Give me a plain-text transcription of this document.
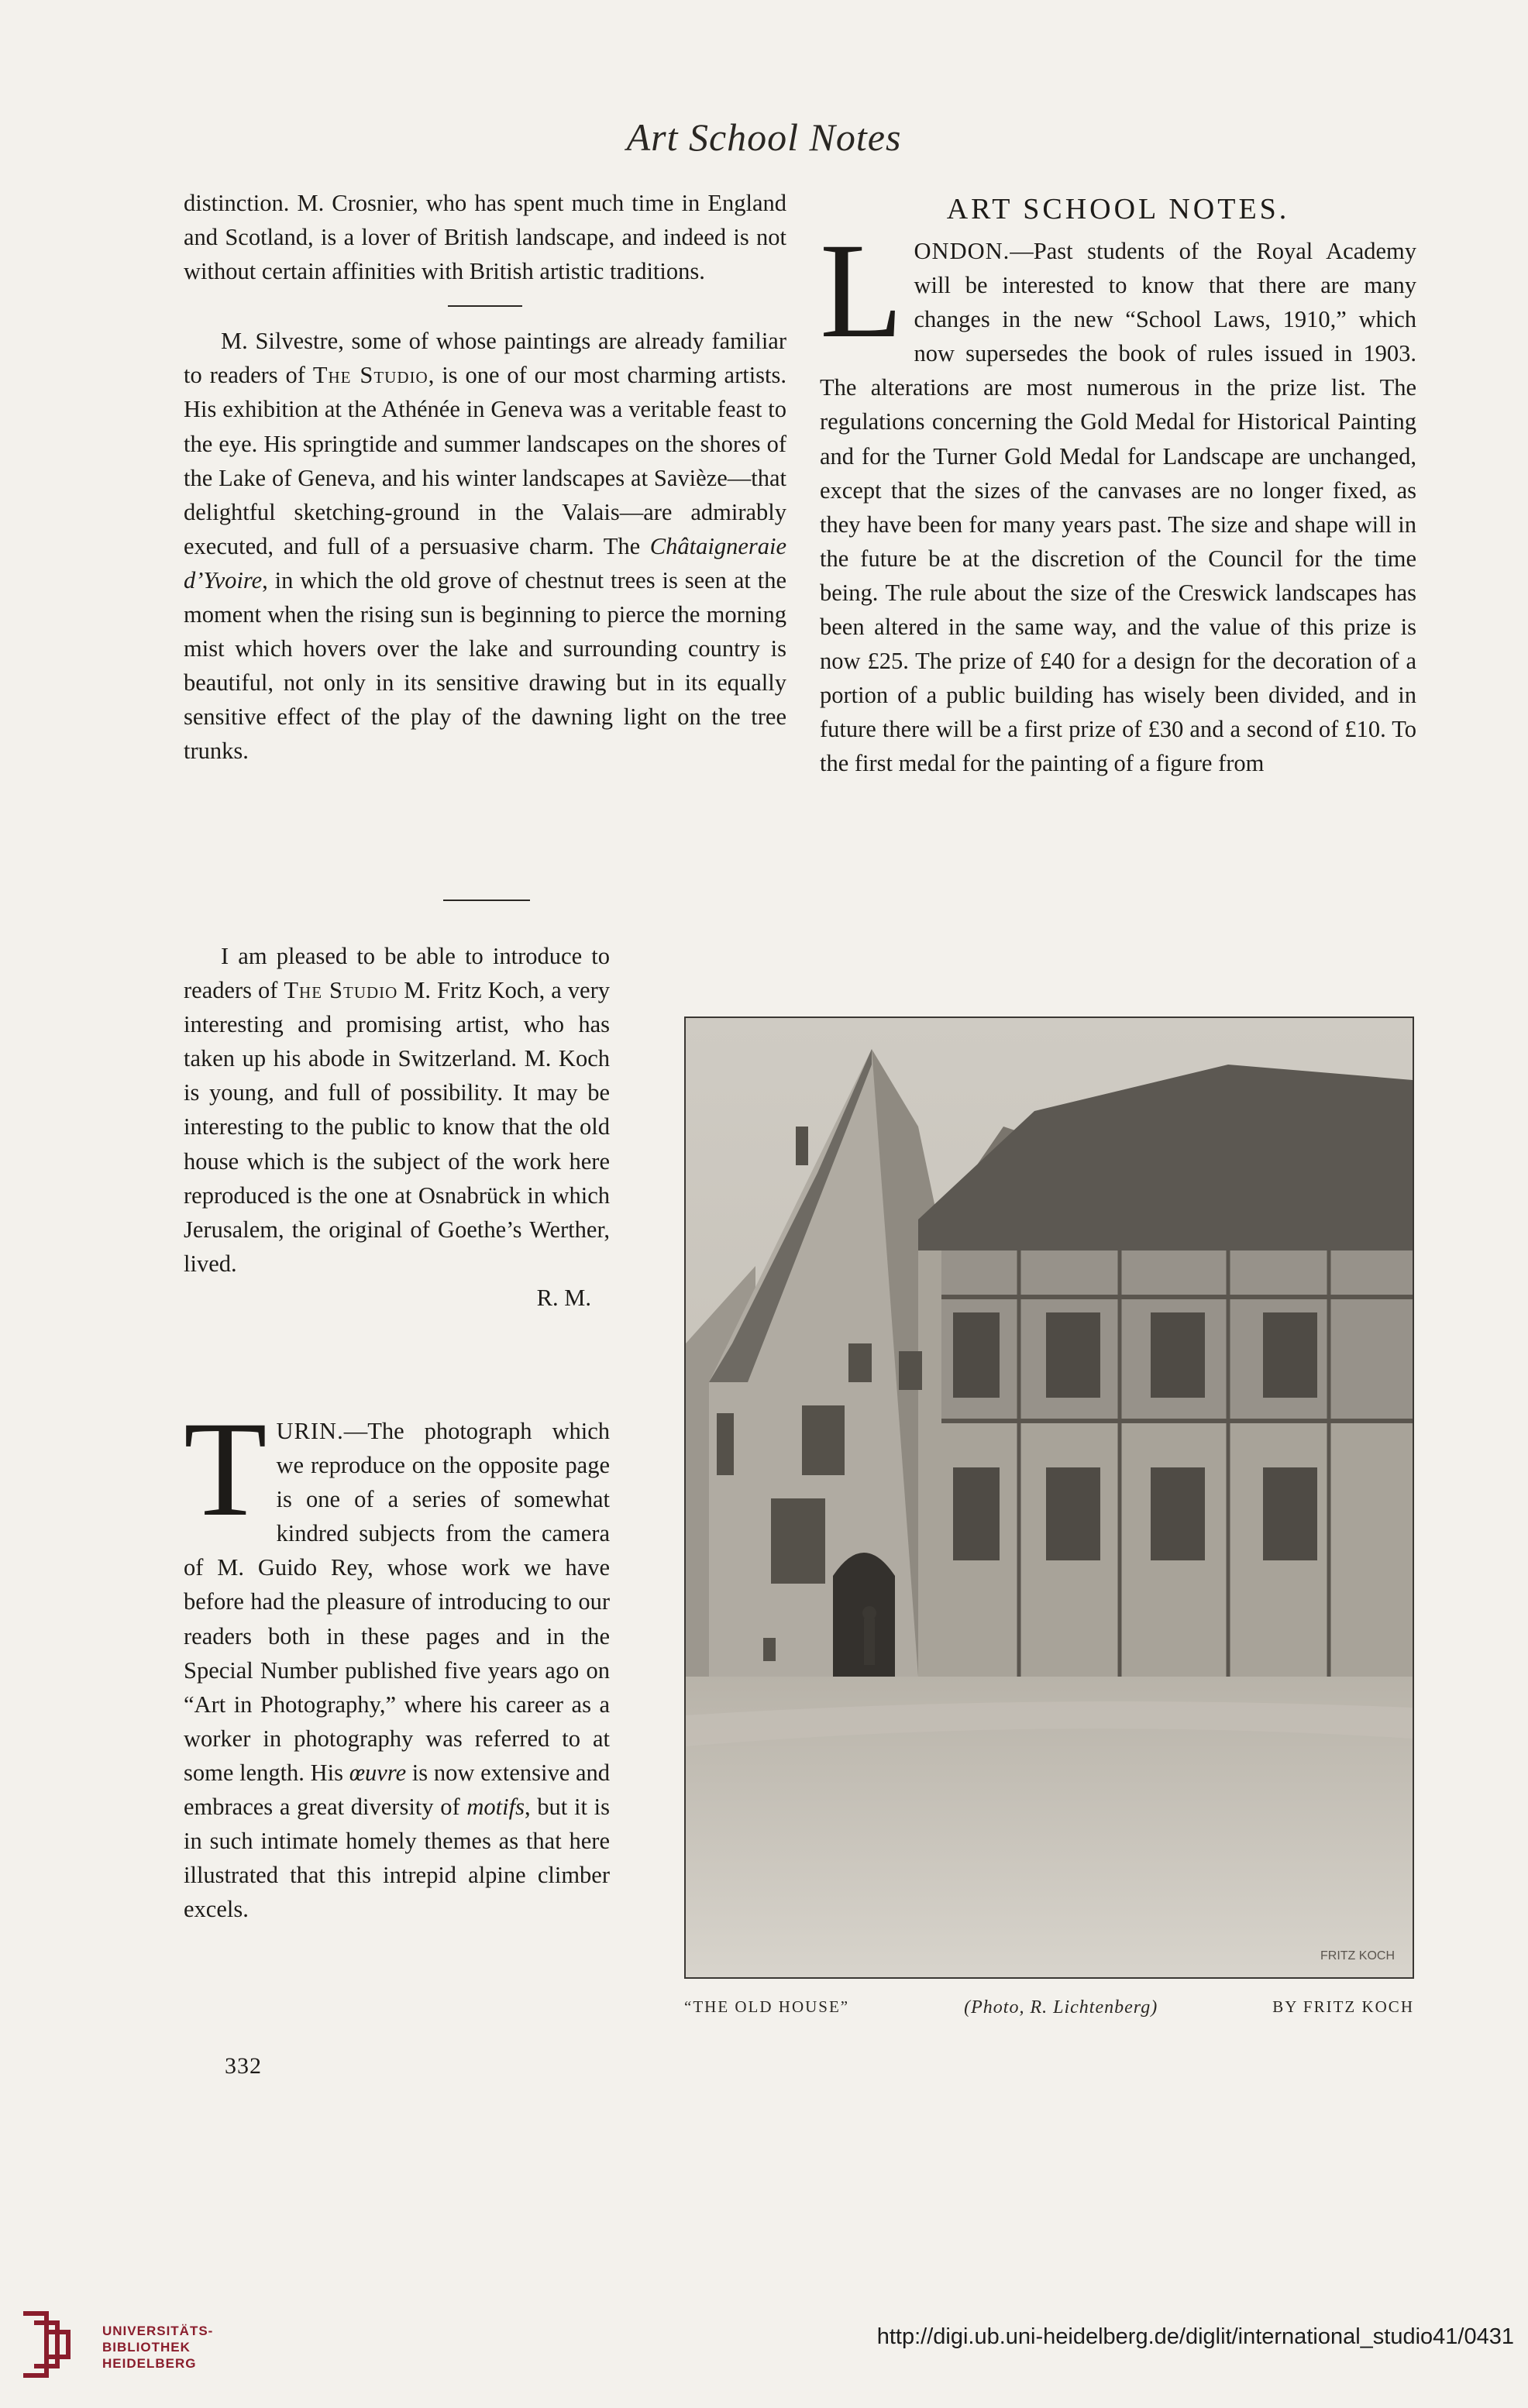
Art School Notes

distinction. M. Crosnier, who has spent much time in England and Scotland, is a lover of British landscape, and indeed is not without certain affinities with British artistic traditions.

M. Silvestre, some of whose paintings are already familiar to readers of The Studio, is one of our most charming artists. His exhibition at the Athénée in Geneva was a veritable feast to the eye. His springtide and summer landscapes on the shores of the Lake of Geneva, and his winter landscapes at Savièze—that delightful sketching-ground in the Valais—are admirably executed, and full of a persuasive charm. The Châtaigneraie d’Yvoire, in which the old grove of chestnut trees is seen at the moment when the rising sun is beginning to pierce the morning mist which hovers over the lake and surrounding country is beautiful, not only in its sensitive drawing but in its equally sensitive effect of the play of the dawning light on the tree trunks.

I am pleased to be able to introduce to readers of The Studio M. Fritz Koch, a very interesting and promising artist, who has taken up his abode in Switzerland. M. Koch is young, and full of possibility. It may be interesting to the public to know that the old house which is the subject of the work here reproduced is the one at Osnabrück in which Jerusalem, the original of Goethe’s Werther, lived.

R. M.

TURIN.—The photograph which we reproduce on the opposite page is one of a series of somewhat kindred subjects from the camera of M. Guido Rey, whose work we have before had the pleasure of introducing to our readers both in these pages and in the Special Number published five years ago on “Art in Photography,” where his career as a worker in photography was referred to at some length. His œuvre is now extensive and embraces a great diversity of motifs, but it is in such intimate homely themes as that here illustrated that this intrepid alpine climber excels.

ART SCHOOL NOTES.

LONDON.—Past students of the Royal Academy will be interested to know that there are many changes in the new “School Laws, 1910,” which now supersedes the book of rules issued in 1903. The alterations are most numerous in the prize list. The regulations concerning the Gold Medal for Historical Painting and for the Turner Gold Medal for Landscape are unchanged, except that the sizes of the canvases are no longer fixed, as they have been for many years past. The size and shape will in the future be at the discretion of the Council for the time being. The rule about the size of the Creswick landscapes has been altered in the same way, and the value of this prize is now £25. The prize of £40 for a design for the decoration of a portion of a public building has wisely been divided, and in future there will be a first prize of £30 and a second of £10. To the first medal for the painting of a figure from

FRITZ KOCH
“THE OLD HOUSE”	(Photo, R. Lichtenberg)	BY FRITZ KOCH
332
UNIVERSITÄTS-
BIBLIOTHEK
HEIDELBERG
http://digi.ub.uni-heidelberg.de/diglit/international_studio41/0431
